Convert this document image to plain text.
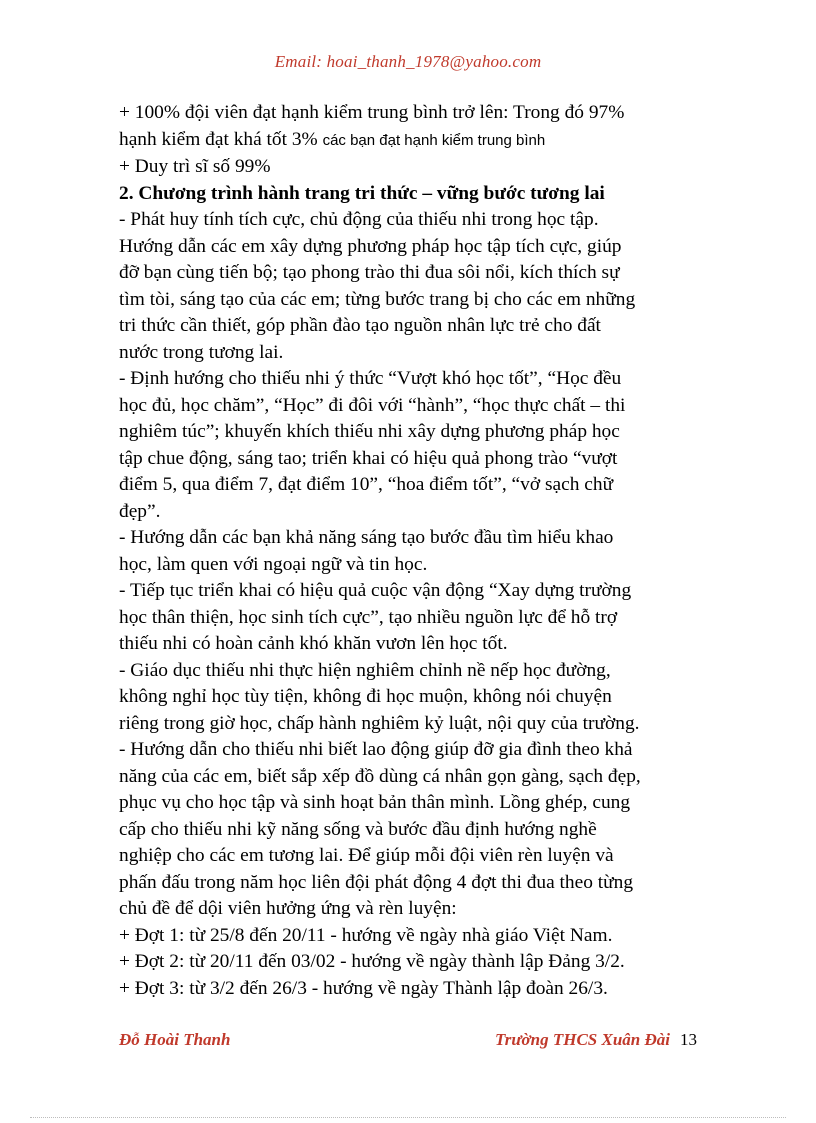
Email: hoai_thanh_1978@yahoo.com

+ 100% đội viên đạt hạnh kiểm trung bình trở lên: Trong đó 97%

hạnh kiểm đạt khá tốt 3% các bạn đạt hạnh kiểm trung bình

+ Duy trì sĩ số 99%

2. Chương trình hành trang tri thức – vững bước tương lai

- Phát huy tính tích cực, chủ động của thiếu nhi trong học tập.

Hướng dẫn các em xây dựng phương pháp học tập tích cực, giúp

đỡ bạn cùng tiến bộ; tạo phong trào thi đua sôi nổi, kích thích sự

tìm tòi, sáng tạo của các em; từng bước trang bị cho các em những

tri thức cần thiết, góp phần đào tạo nguồn nhân lực trẻ cho đất

nước trong tương lai.

- Định hướng cho thiếu nhi ý thức “Vượt khó học tốt”, “Học đều

học đủ, học chăm”, “Học” đi đôi với “hành”, “học thực chất – thi

nghiêm túc”; khuyến khích thiếu nhi xây dựng phương pháp học

tập chue động, sáng tao; triển khai có hiệu quả phong trào “vượt

điểm 5, qua điểm 7, đạt điểm 10”, “hoa điểm tốt”, “vở sạch chữ

đẹp”.

- Hướng dẫn các bạn khả năng sáng tạo bước đầu tìm hiểu khao

học, làm quen với ngoại ngữ và tin học.

- Tiếp tục triển khai có hiệu quả cuộc vận động “Xay dựng trường

học thân thiện, học sinh tích cực”, tạo nhiều nguồn lực để hỗ trợ

thiếu nhi có hoàn cảnh khó khăn vươn lên học tốt.

- Giáo dục thiếu nhi thực hiện nghiêm chỉnh nề nếp học đường,

không nghỉ học tùy tiện, không đi học muộn, không nói chuyện

riêng trong giờ học, chấp hành nghiêm kỷ luật, nội quy của trường.

- Hướng dẫn cho thiếu nhi biết lao động giúp đỡ gia đình theo khả

năng của các em, biết sắp xếp đồ dùng cá nhân gọn gàng, sạch đẹp,

phục vụ cho học tập và sinh hoạt bản thân mình. Lồng ghép, cung

cấp cho thiếu nhi kỹ năng sống và bước đầu định hướng nghề

nghiệp cho các em tương lai. Để giúp mỗi đội viên rèn luyện và

phấn đấu trong năm học liên đội phát động 4 đợt thi đua theo từng

chủ đề để dội viên hưởng ứng và rèn luyện:

+ Đợt 1: từ 25/8 đến 20/11 - hướng về ngày nhà giáo Việt Nam.

+ Đợt 2: từ 20/11 đến 03/02 - hướng về ngày thành lập Đảng 3/2.

+ Đợt 3: từ 3/2 đến 26/3 - hướng về ngày Thành lập đoàn 26/3.

Đỗ Hoài Thanh	Trường THCS Xuân Đài 13
